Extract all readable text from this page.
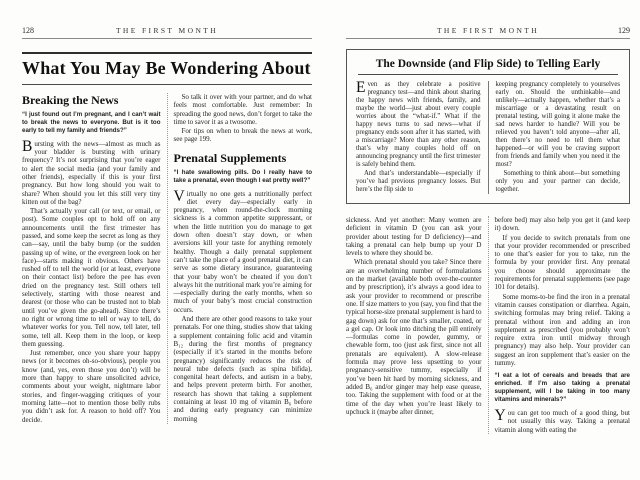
128	THE FIRST MONTH
What You May Be Wondering About
Breaking the News
“I just found out I’m pregnant, and I can’t wait to break the news to everyone. But is it too early to tell my family and friends?”

Bursting with the news—almost as much as your bladder is bursting with urinary frequency? It’s not surprising that you’re eager to alert the social media (and your family and other friends), especially if this is your first pregnancy. But how long should you wait to share? When should you let this still very tiny kitten out of the bag?

That’s actually your call (or text, or email, or post). Some couples opt to hold off on any announcements until the first trimester has passed, and some keep the secret as long as they can—say, until the baby bump (or the sudden passing up of wine, or the evergreen look on her face)—starts making it obvious. Others have rushed off to tell the world (or at least, everyone on their contact list) before the pee has even dried on the pregnancy test. Still others tell selectively, starting with those nearest and dearest (or those who can be trusted not to blab until you’ve given the go-ahead). Since there’s no right or wrong time to tell or way to tell, do whatever works for you. Tell now, tell later, tell some, tell all. Keep them in the loop, or keep them guessing.

Just remember, once you share your happy news (or it becomes oh-so-obvious), people you know (and, yes, even those you don’t) will be more than happy to share unsolicited advice, comments about your weight, nightmare labor stories, and finger-wagging critiques of your morning latte—not to mention those belly rubs you didn’t ask for. A reason to hold off? You decide.

So talk it over with your partner, and do what feels most comfortable. Just remember: In spreading the good news, don’t forget to take the time to savor it as a twosome.

For tips on when to break the news at work, see page 199.

Prenatal Supplements
“I hate swallowing pills. Do I really have to take a prenatal, even though I eat pretty well?”

Virtually no one gets a nutritionally perfect diet every day—especially early in pregnancy, when round-the-clock morning sickness is a common appetite suppressant, or when the little nutrition you do manage to get down often doesn’t stay down, or when aversions kill your taste for anything remotely healthy. Though a daily prenatal supplement can’t take the place of a good prenatal diet, it can serve as some dietary insurance, guaranteeing that your baby won’t be cheated if you don’t always hit the nutritional mark you’re aiming for—especially during the early months, when so much of your baby’s most crucial construction occurs.

And there are other good reasons to take your prenatals. For one thing, studies show that taking a supplement containing folic acid and vitamin B₁₂ during the first months of pregnancy (especially if it’s started in the months before pregnancy) significantly reduces the risk of neural tube defects (such as spina bifida), congenital heart defects, and autism in a baby, and helps prevent preterm birth. For another, research has shown that taking a supplement containing at least 10 mg of vitamin B₆ before and during early pregnancy can minimize morning

THE FIRST MONTH	129
The Downside (and Flip Side) to Telling Early

Even as they celebrate a positive pregnancy test—and think about sharing the happy news with friends, family, and maybe the world—just about every couple worries about the “what-if.” What if the happy news turns to sad news—what if pregnancy ends soon after it has started, with a miscarriage? More than any other reason, that’s why many couples hold off on announcing pregnancy until the first trimester is safely behind them.

And that’s understandable—especially if you’ve had previous pregnancy losses. But here’s the flip side to

keeping pregnancy completely to yourselves early on. Should the unthinkable—and unlikely—actually happen, whether that’s a miscarriage or a devastating result on prenatal testing, will going it alone make the sad news harder to handle? Will you be relieved you haven’t told anyone—after all, then there’s no need to tell them what happened—or will you be craving support from friends and family when you need it the most?

Something to think about—but something only you and your partner can decide, together.

sickness. And yet another: Many women are deficient in vitamin D (you can ask your provider about testing for D deficiency)—and taking a prenatal can help bump up your D levels to where they should be.

Which prenatal should you take? Since there are an overwhelming number of formulations on the market (available both over-the-counter and by prescription), it’s always a good idea to ask your provider to recommend or prescribe one. If size matters to you (say, you find that the typical horse-size prenatal supplement is hard to gag down) ask for one that’s smaller, coated, or a gel cap. Or look into ditching the pill entirely—formulas come in powder, gummy, or chewable form, too (just ask first, since not all prenatals are equivalent). A slow-release formula may prove less upsetting to your pregnancy-sensitive tummy, especially if you’ve been hit hard by morning sickness, and added B₆ and/or ginger may help ease quease, too. Taking the supplement with food or at the time of the day when you’re least likely to upchuck it (maybe after dinner,

before bed) may also help you get it (and keep it) down.

If you decide to switch prenatals from one that your provider recommended or prescribed to one that’s easier for you to take, run the formula by your provider first. Any prenatal you choose should approximate the requirements for prenatal supplements (see page 101 for details).

Some moms-to-be find the iron in a prenatal vitamin causes constipation or diarrhea. Again, switching formulas may bring relief. Taking a prenatal without iron and adding an iron supplement as prescribed (you probably won’t require extra iron until midway through pregnancy) may also help. Your provider can suggest an iron supplement that’s easier on the tummy.

“I eat a lot of cereals and breads that are enriched. If I’m also taking a prenatal supplement, will I be taking in too many vitamins and minerals?”

You can get too much of a good thing, but not usually this way. Taking a prenatal vitamin along with eating the
